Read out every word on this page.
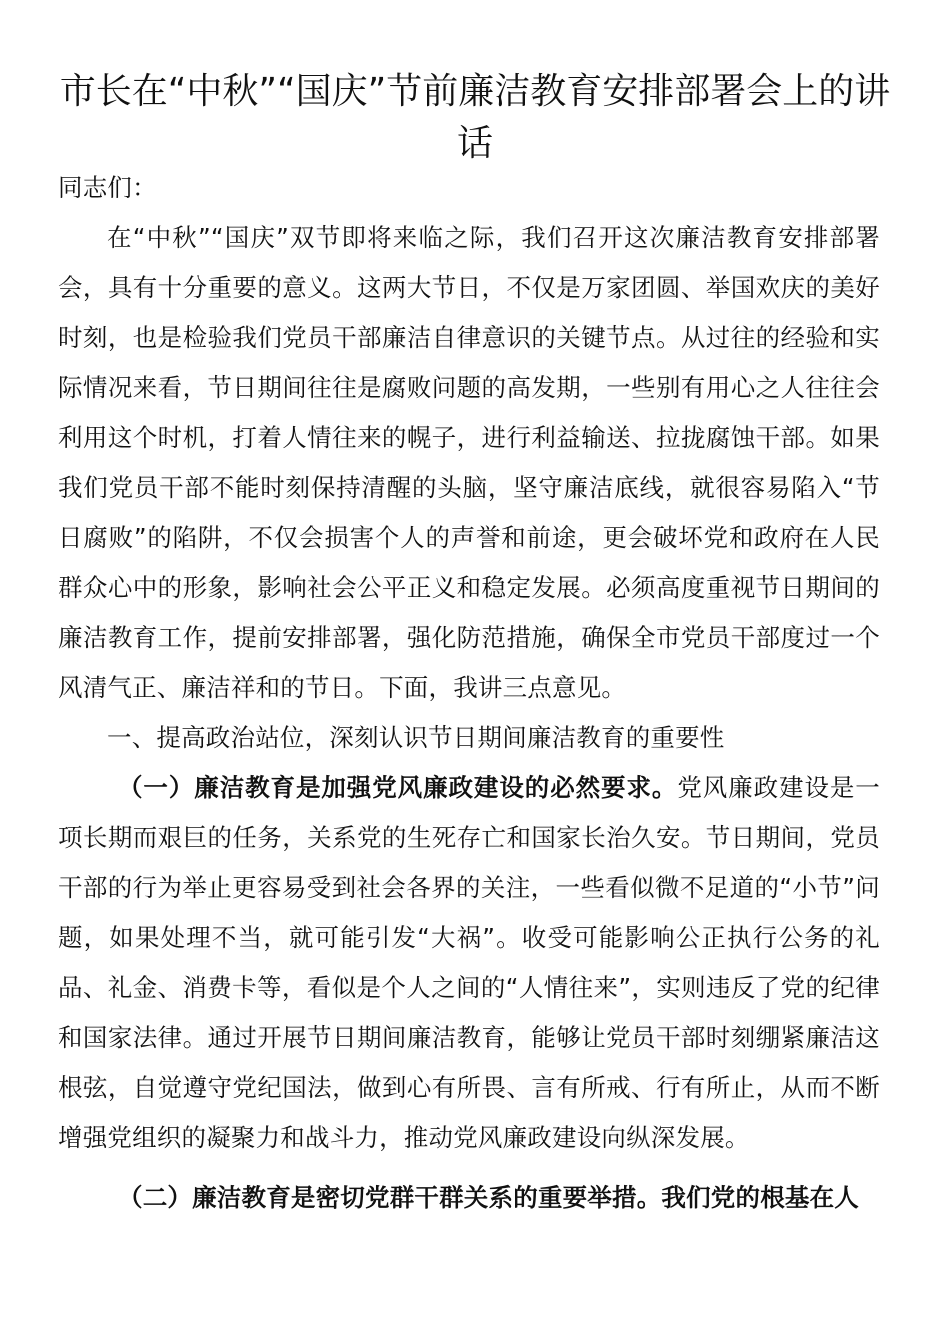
市长在“中秋”“国庆”节前廉洁教育安排部署会上的讲话

同志们：

在“中秋”“国庆”双节即将来临之际，我们召开这次廉洁教育安排部署会，具有十分重要的意义。这两大节日，不仅是万家团圆、举国欢庆的美好时刻，也是检验我们党员干部廉洁自律意识的关键节点。从过往的经验和实际情况来看，节日期间往往是腐败问题的高发期，一些别有用心之人往往会利用这个时机，打着人情往来的幌子，进行利益输送、拉拢腐蚀干部。如果我们党员干部不能时刻保持清醒的头脑，坚守廉洁底线，就很容易陷入“节日腐败”的陷阱，不仅会损害个人的声誉和前途，更会破坏党和政府在人民群众心中的形象，影响社会公平正义和稳定发展。必须高度重视节日期间的廉洁教育工作，提前安排部署，强化防范措施，确保全市党员干部度过一个风清气正、廉洁祥和的节日。下面，我讲三点意见。

一、提高政治站位，深刻认识节日期间廉洁教育的重要性

（一）廉洁教育是加强党风廉政建设的必然要求。党风廉政建设是一项长期而艰巨的任务，关系党的生死存亡和国家长治久安。节日期间，党员干部的行为举止更容易受到社会各界的关注，一些看似微不足道的“小节”问题，如果处理不当，就可能引发“大祸”。收受可能影响公正执行公务的礼品、礼金、消费卡等，看似是个人之间的“人情往来”，实则违反了党的纪律和国家法律。通过开展节日期间廉洁教育，能够让党员干部时刻绷紧廉洁这根弦，自觉遵守党纪国法，做到心有所畏、言有所戒、行有所止，从而不断增强党组织的凝聚力和战斗力，推动党风廉政建设向纵深发展。

（二）廉洁教育是密切党群干群关系的重要举措。我们党的根基在人
